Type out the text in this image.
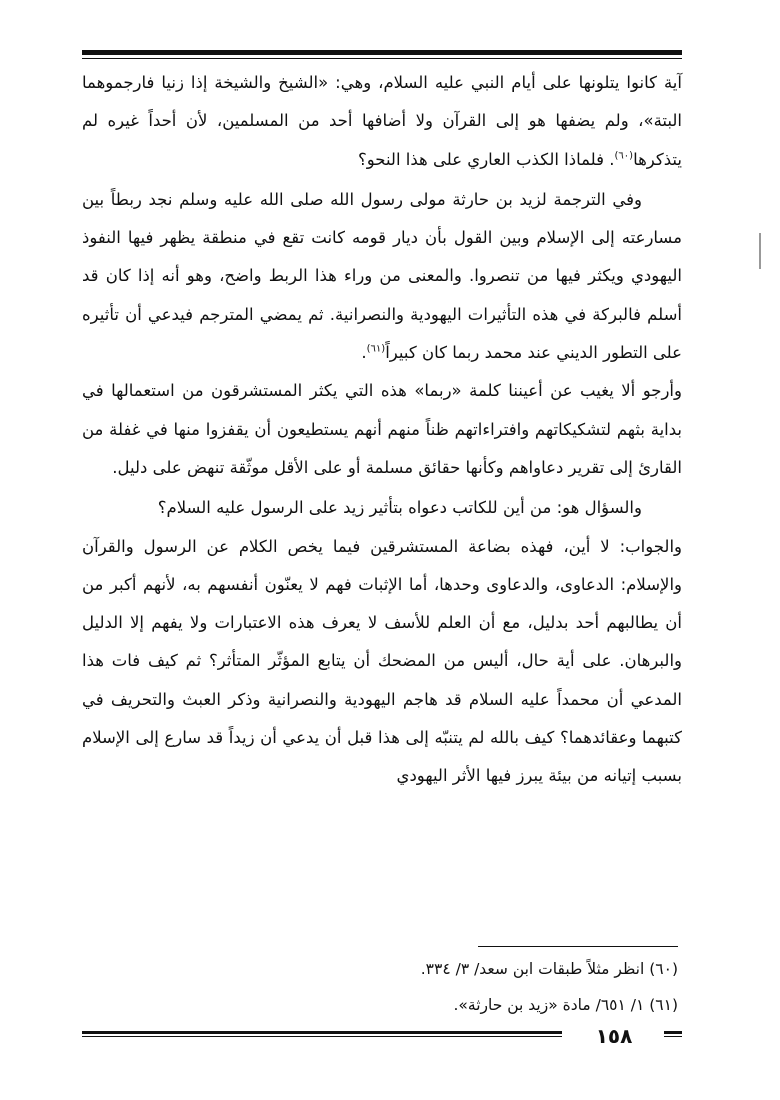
آية كانوا يتلونها على أيام النبي عليه السلام، وهي: «الشيخ والشيخة إذا زنيا فارجموهما البتة»، ولم يضفها هو إلى القرآن ولا أضافها أحد من المسلمين، لأن أحداً غيره لم يتذكرها$^{(٦٠)}$. فلماذا الكذب العاري على هذا النحو؟

وفي الترجمة لزيد بن حارثة مولى رسول الله صلى الله عليه وسلم نجد ربطاً بين مسارعته إلى الإسلام وبين القول بأن ديار قومه كانت تقع في منطقة يظهر فيها النفوذ اليهودي ويكثر فيها من تنصروا. والمعنى من وراء هذا الربط واضح، وهو أنه إذا كان قد أسلم فالبركة في هذه التأثيرات اليهودية والنصرانية. ثم يمضي المترجم فيدعي أن تأثيره على التطور الديني عند محمد ربما كان كبيراً$^{(٦١)}$.

وأرجو ألا يغيب عن أعيننا كلمة «ربما» هذه التي يكثر المستشرقون من استعمالها في بداية بثهم لتشكيكاتهم وافتراءاتهم ظناً منهم أنهم يستطيعون أن يقفزوا منها في غفلة من القارئ إلى تقرير دعاواهم وكأنها حقائق مسلمة أو على الأقل موثّقة تنهض على دليل.

والسؤال هو: من أين للكاتب دعواه بتأثير زيد على الرسول عليه السلام؟

والجواب: لا أين، فهذه بضاعة المستشرقين فيما يخص الكلام عن الرسول والقرآن والإسلام: الدعاوى، والدعاوى وحدها، أما الإثبات فهم لا يعنّون أنفسهم به، لأنهم أكبر من أن يطالبهم أحد بدليل، مع أن العلم للأسف لا يعرف هذه الاعتبارات ولا يفهم إلا الدليل والبرهان. على أية حال، أليس من المضحك أن يتابع المؤثّر المتأثر؟ ثم كيف فات هذا المدعي أن محمداً عليه السلام قد هاجم اليهودية والنصرانية وذكر العبث والتحريف في كتبهما وعقائدهما؟ كيف بالله لم يتنبّه إلى هذا قبل أن يدعي أن زيداً قد سارع إلى الإسلام بسبب إتيانه من بيئة يبرز فيها الأثر اليهودي

(٦٠) انظر مثلاً طبقات ابن سعد/ ٣/ ٣٣٤.

(٦١) ١/ ٦٥١/ مادة «زيد بن حارثة».

١٥٨
